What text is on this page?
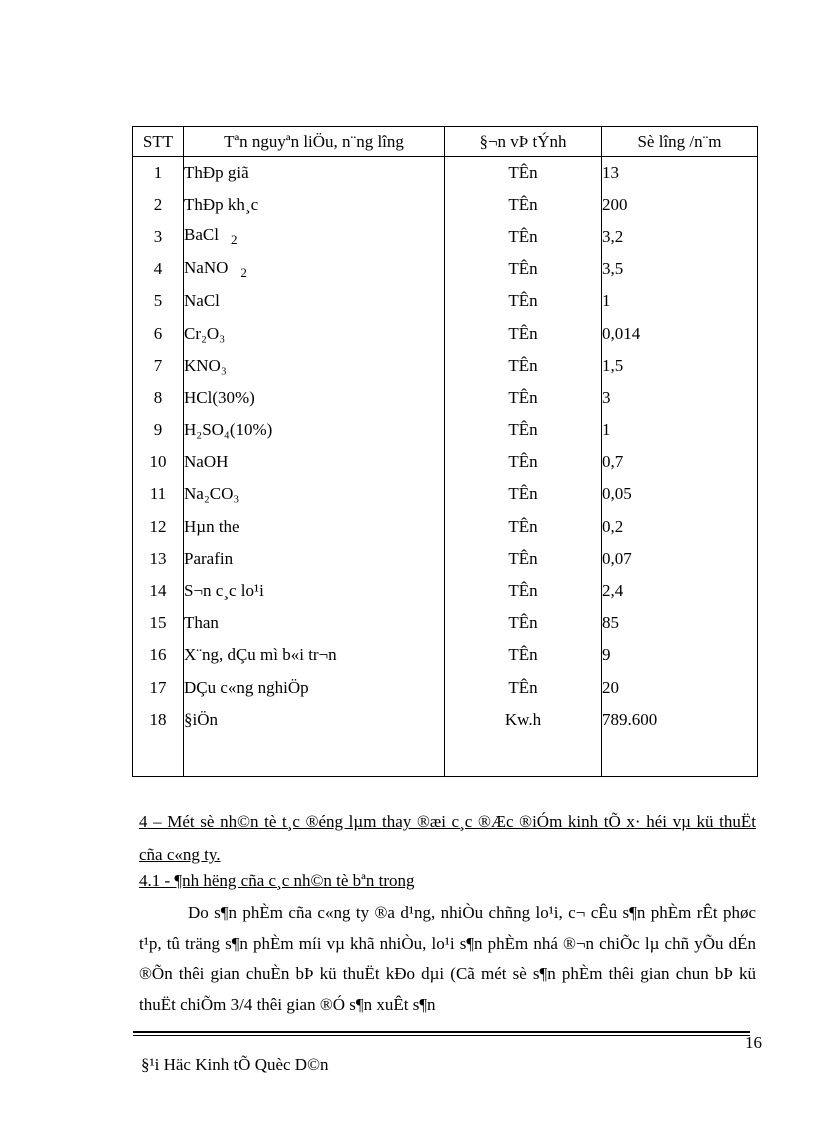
STT	Tªn nguyªn liÖu, n¨ng lîng	§¬n vÞ tÝnh	Sè lîng /n¨m
1	ThÐp giã	TÊn	13
2	ThÐp kh¸c	TÊn	200
3	BaCl $_2$	TÊn	3,2
4	NaNO $_2$	TÊn	3,5
5	NaCl	TÊn	1
6	Cr₂O₃	TÊn	0,014
7	KNO₃	TÊn	1,5
8	HCl(30%)	TÊn	3
9	H₂SO₄(10%)	TÊn	1
10	NaOH	TÊn	0,7
11	Na₂CO₃	TÊn	0,05
12	Hµn the	TÊn	0,2
13	Parafin	TÊn	0,07
14	S¬n c¸c lo¹i	TÊn	2,4
15	Than	TÊn	85
16	X¨ng, dÇu mì b«i tr¬n	TÊn	9
17	DÇu c«ng nghiÖp	TÊn	20
18	§iÖn	Kw.h	789.600

4 – Mét sè nh©n tè t¸c ®éng lµm thay ®æi c¸c ®Æc ®iÓm kinh tÕ x· héi vµ kü thuËt cña c«ng ty.
4.1 - ¶nh hëng cña c¸c nh©n tè bªn trong
Do s¶n phÈm cña c«ng ty ®a d¹ng, nhiÒu chñng lo¹i, c¬ cÊu s¶n phÈm rÊt phøc t¹p, tû träng s¶n phÈm míi vµ khã nhiÒu, lo¹i s¶n phÈm nhá ®¬n chiÕc lµ chñ yÕu dÉn ®Õn thêi gian chuÈn bÞ kü thuËt kÐo dµi (Cã mét sè s¶n phÈm thêi gian chun bÞ kü thuËt chiÕm 3/4 thêi gian ®Ó s¶n xuÊt s¶n
16
§¹i Häc Kinh tÕ Quèc D©n
